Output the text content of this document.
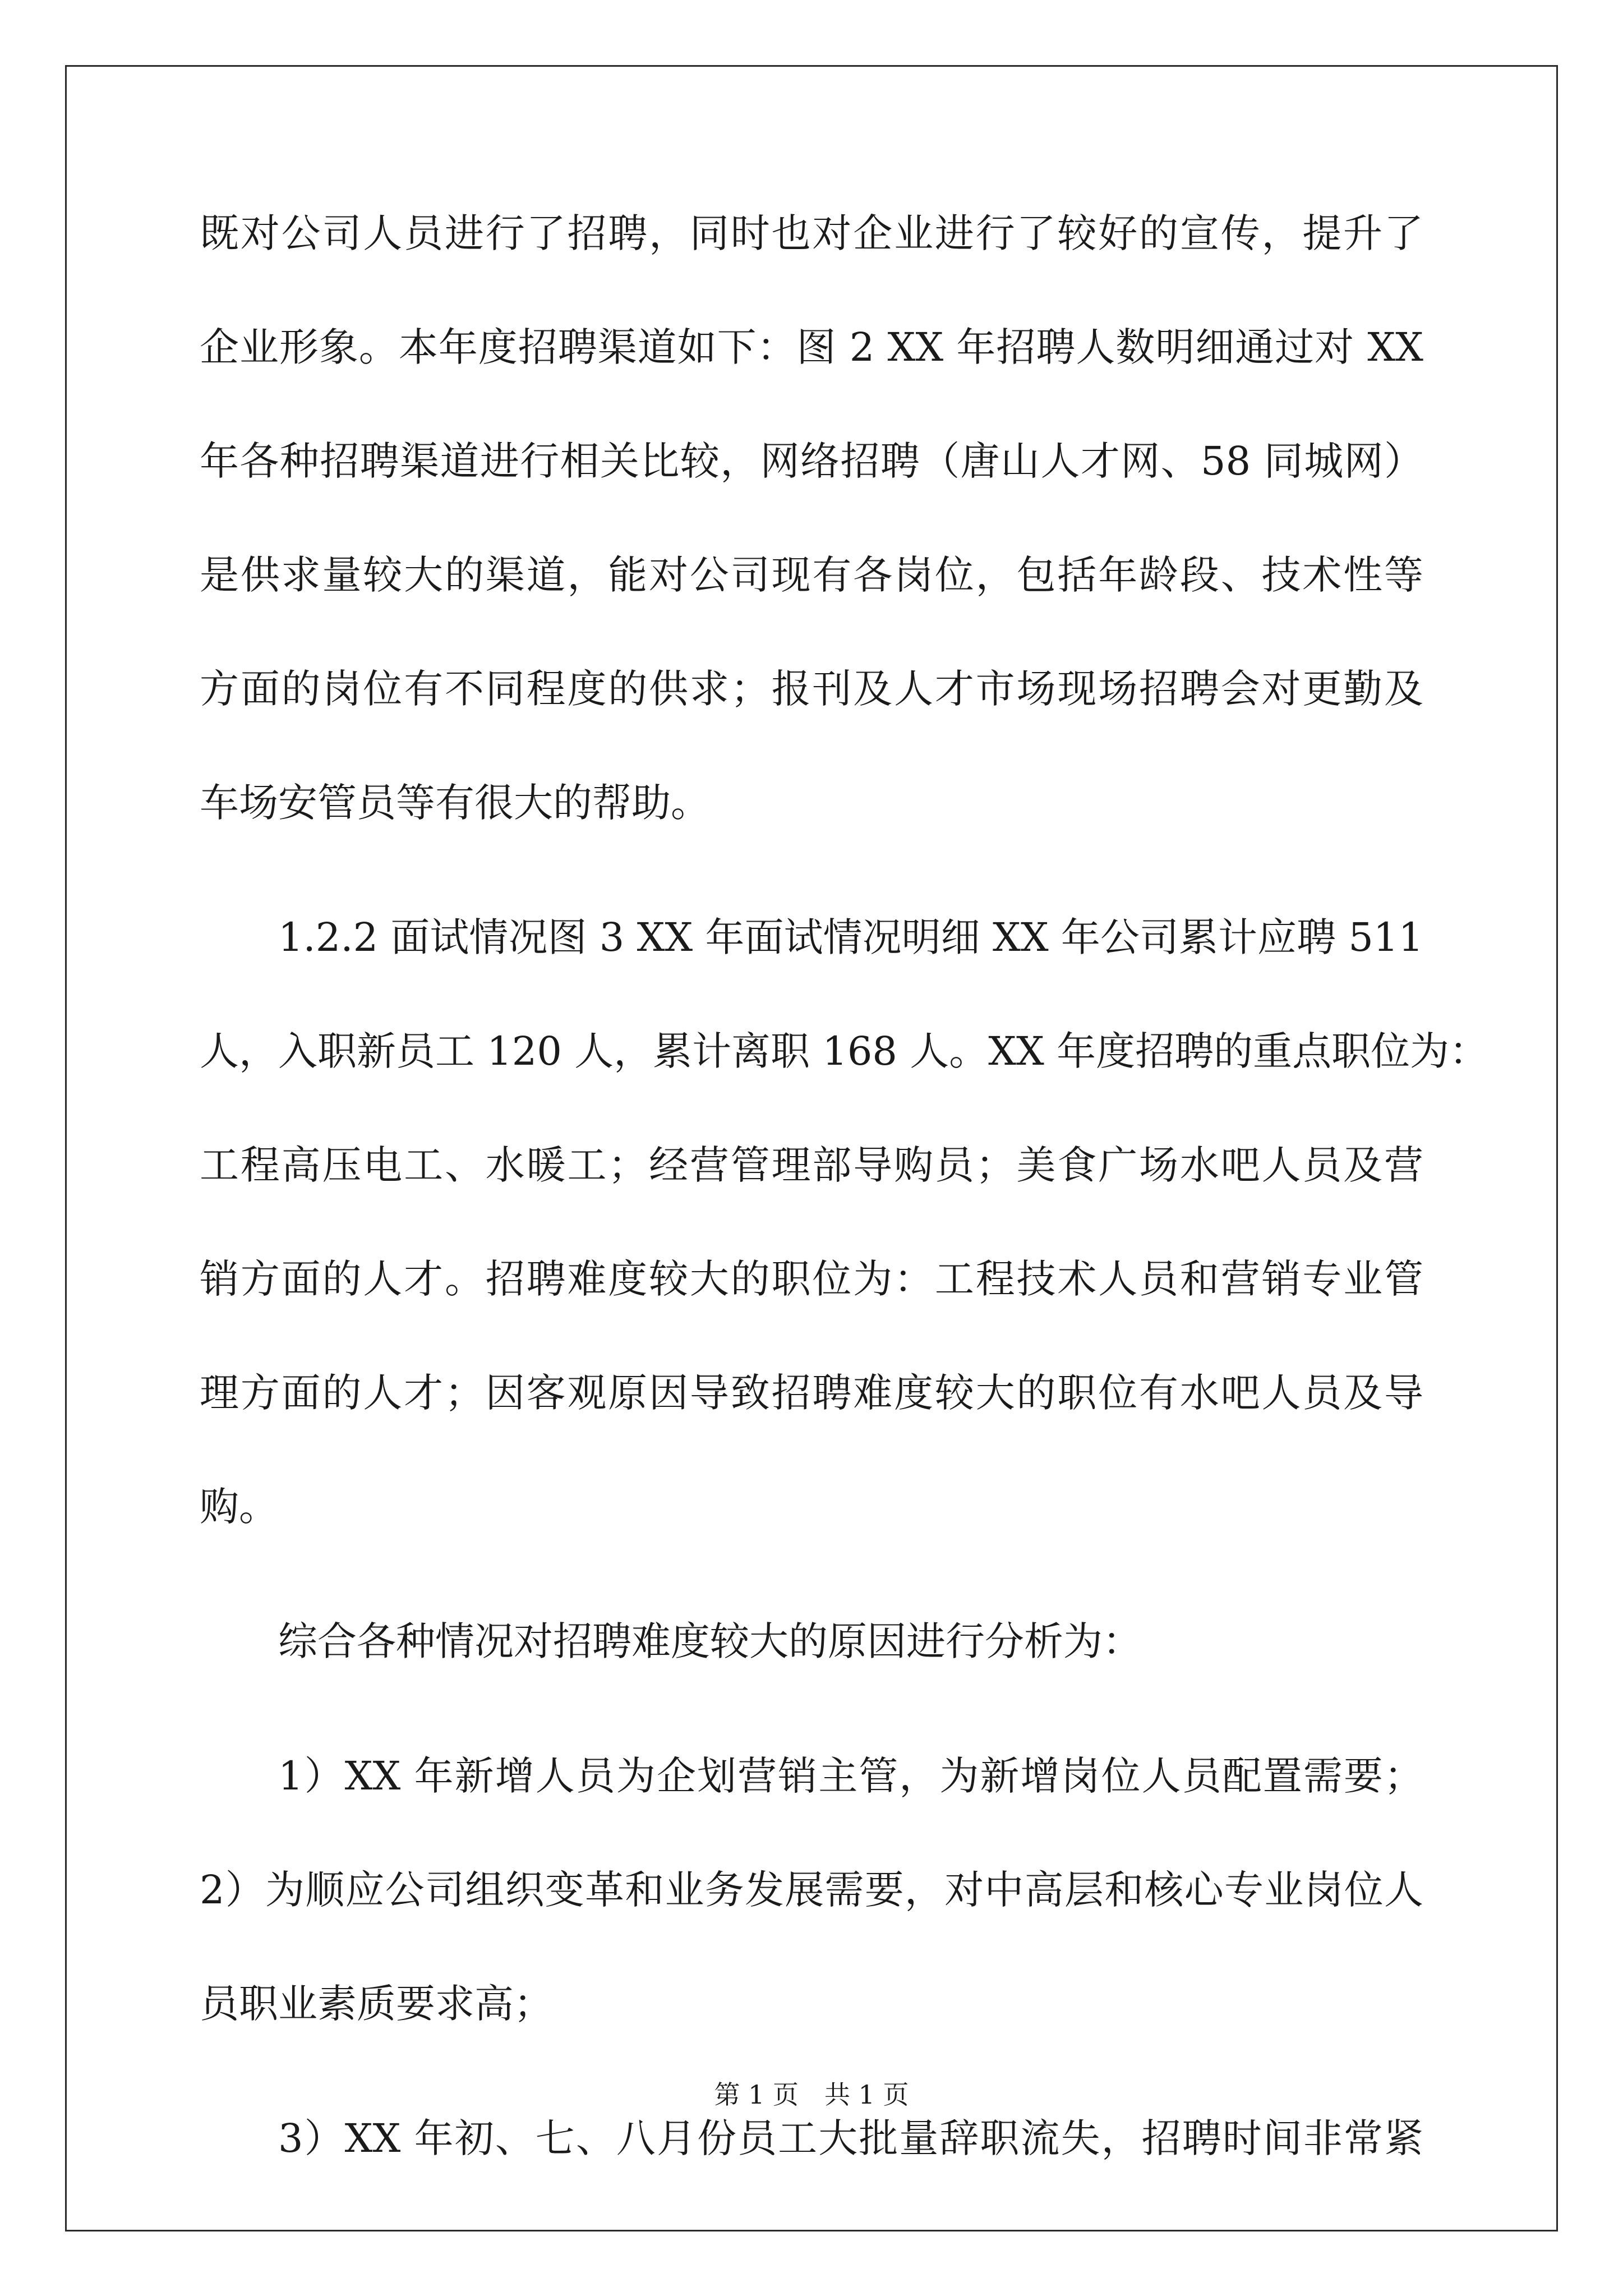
既对公司人员进行了招聘，同时也对企业进行了较好的宣传，提升了
企业形象。本年度招聘渠道如下：图 2 XX 年招聘人数明细通过对 XX
年各种招聘渠道进行相关比较，网络招聘（唐山人才网、58 同城网）
是供求量较大的渠道，能对公司现有各岗位，包括年龄段、技术性等
方面的岗位有不同程度的供求；报刊及人才市场现场招聘会对更勤及
车场安管员等有很大的帮助。
1.2.2 面试情况图 3 XX 年面试情况明细 XX 年公司累计应聘 511
人，入职新员工 120 人，累计离职 168 人。XX 年度招聘的重点职位为：
工程高压电工、水暖工；经营管理部导购员；美食广场水吧人员及营
销方面的人才。招聘难度较大的职位为：工程技术人员和营销专业管
理方面的人才；因客观原因导致招聘难度较大的职位有水吧人员及导
购。
综合各种情况对招聘难度较大的原因进行分析为：
1）XX 年新增人员为企划营销主管，为新增岗位人员配置需要；
2）为顺应公司组织变革和业务发展需要，对中高层和核心专业岗位人
员职业素质要求高；
3）XX 年初、七、八月份员工大批量辞职流失，招聘时间非常紧
第 1 页 共 1 页
